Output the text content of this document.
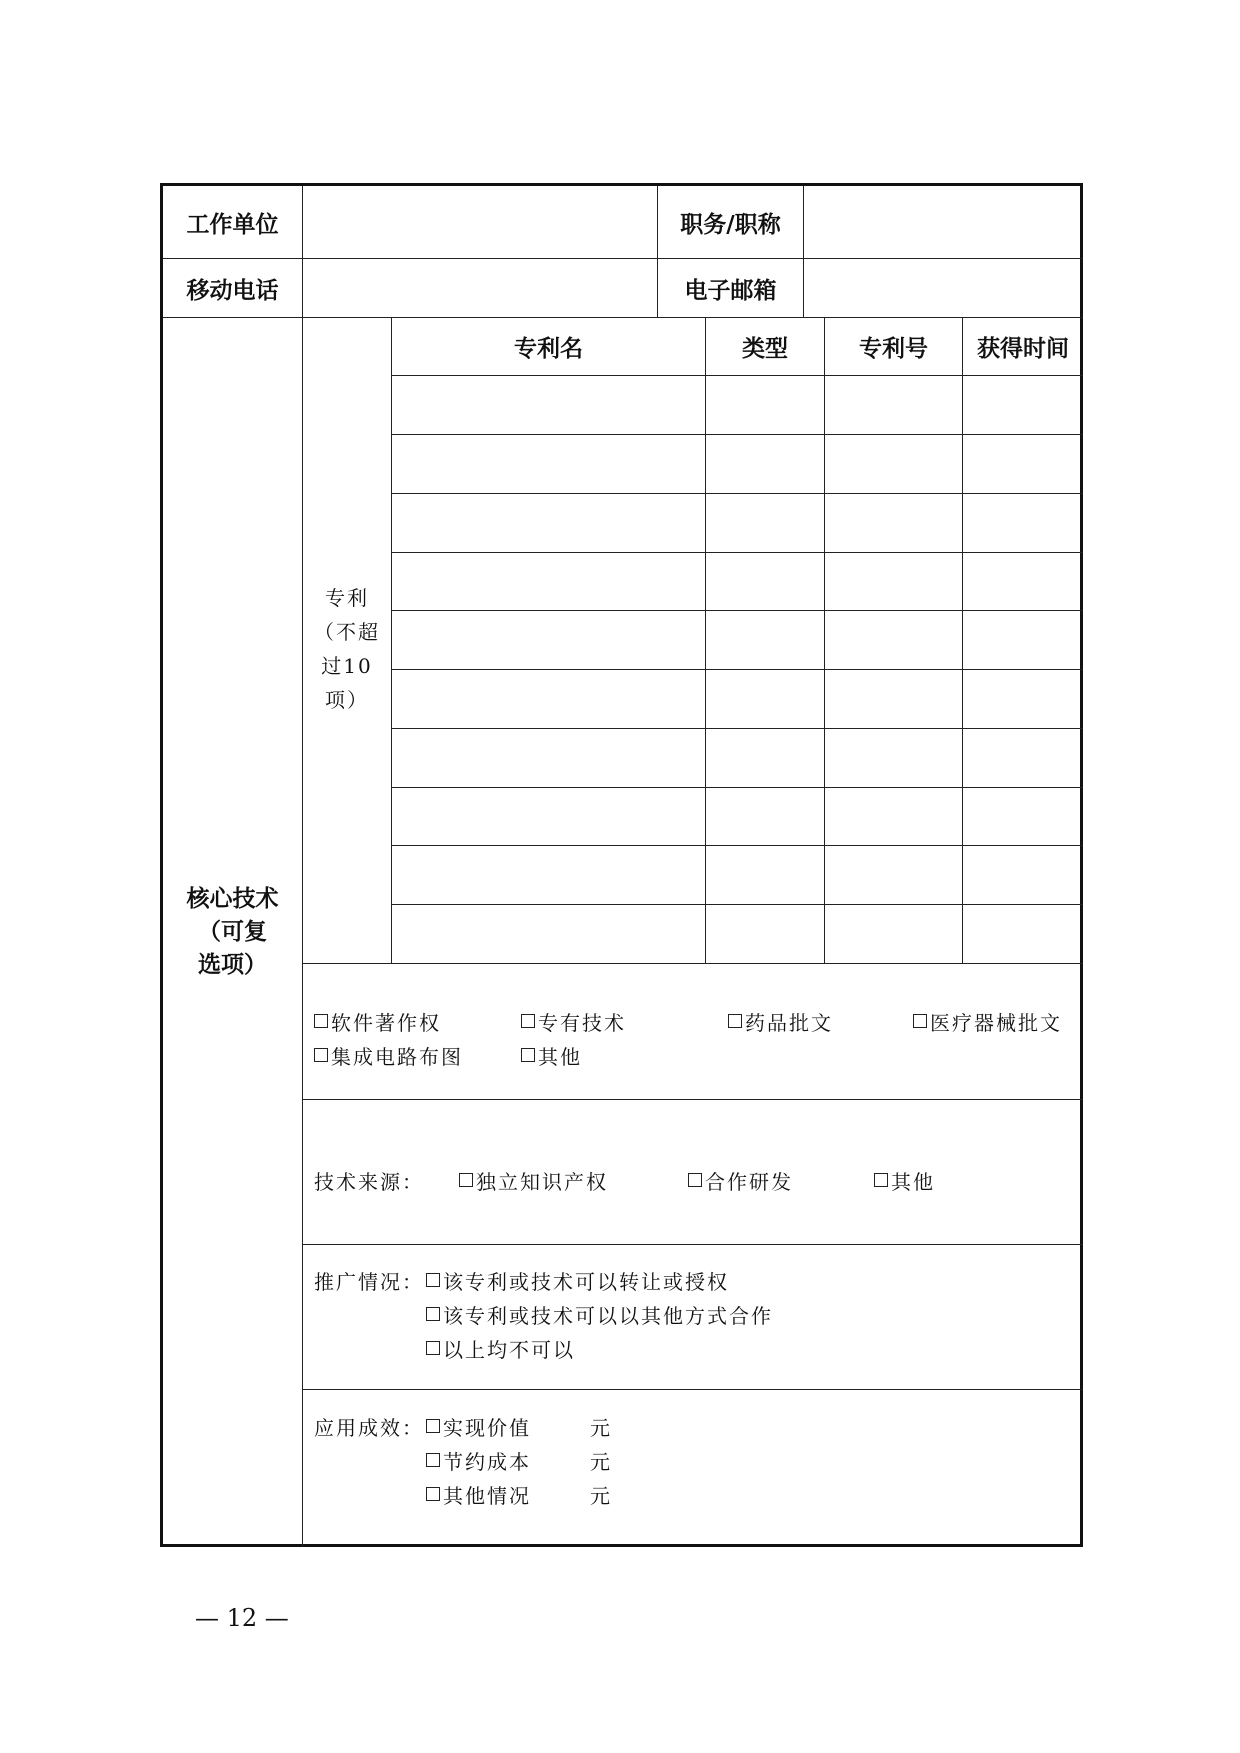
工作单位	职务/职称
移动电话	电子邮箱
核心技术
（可复
选项）
专利
（不超
过10
项）
专利名	类型	专利号	获得时间
软件著作权	专有技术	药品批文	医疗器械批文
集成电路布图	其他
技术来源：	独立知识产权	合作研发	其他
推广情况： 该专利或技术可以转让或授权
该专利或技术可以以其他方式合作
以上均不可以
应用成效： 实现价值	元
节约成本	元
其他情况	元
— 12 —
